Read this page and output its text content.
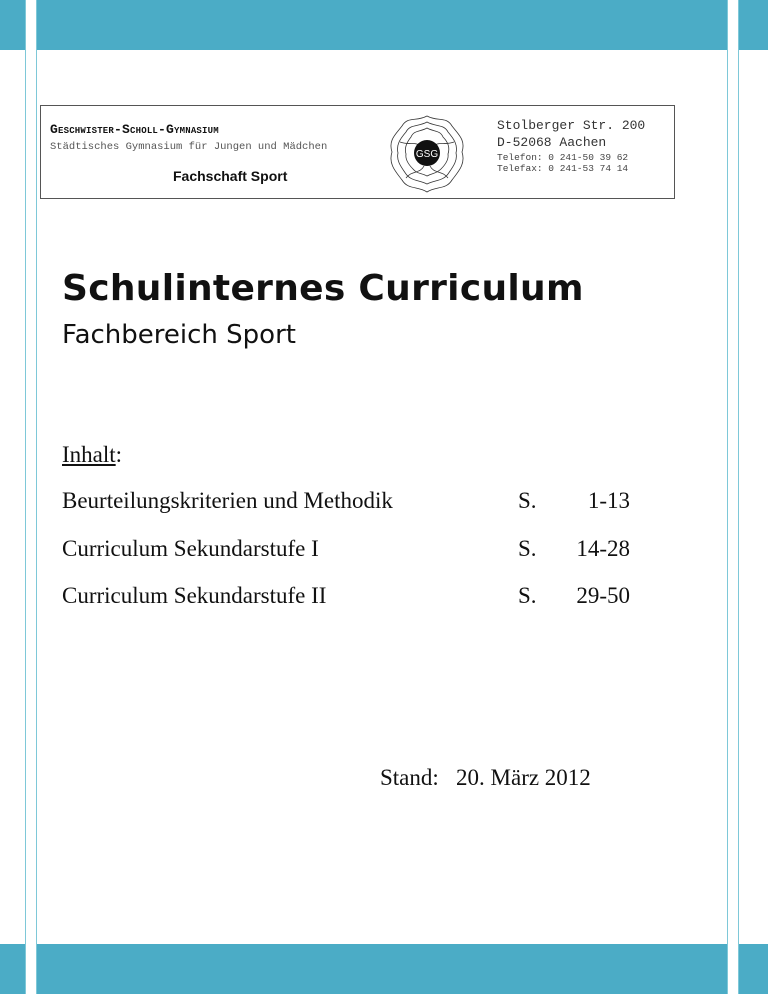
Geschwister-Scholl-Gymnasium
Städtisches Gymnasium für Jungen und Mädchen
Fachschaft Sport
GSG
Stolberger Str. 200
D-52068 Aachen
Telefon: 0 241-50 39 62
Telefax: 0 241-53 74 14
Schulinternes Curriculum
Fachbereich Sport
Inhalt:
Beurteilungskriterien und Methodik	S. 1-13
Curriculum Sekundarstufe I	S. 14-28
Curriculum Sekundarstufe II	S. 29-50
Stand: 20. März 2012
